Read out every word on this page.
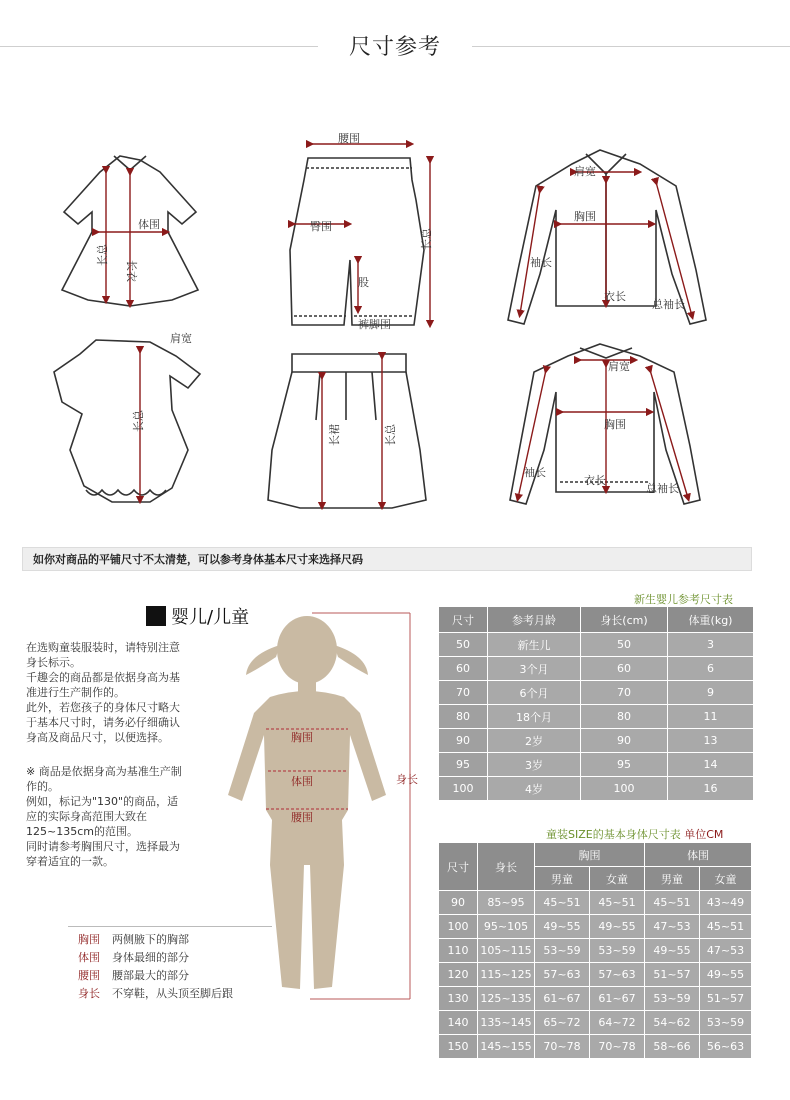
尺寸参考
体围
长总
长衣
腰围
臀围
长总
股
裤脚围
肩宽
胸围
袖长
衣长
总袖长
肩宽
长总
长裙	长总
肩宽
胸围
袖长
衣长
总袖长
如你对商品的平铺尺寸不太清楚，可以参考身体基本尺寸来选择尺码
婴儿/儿童
在选购童装服装时，请特别注意
身长标示。
千趣会的商品都是依据身高为基
准进行生产制作的。
此外，若您孩子的身体尺寸略大
于基本尺寸时，请务必仔细确认
身高及商品尺寸，以便选择。
※ 商品是依据身高为基准生产制
作的。
例如，标记为"130"的商品，适
应的实际身高范围大致在
125~135cm的范围。
同时请参考胸围尺寸，选择最为
穿着适宜的一款。
胸围
体围
腰围
身长
胸围 两侧腋下的胸部
体围 身体最细的部分
腰围 腰部最大的部分
身长 不穿鞋，从头顶至脚后跟
新生婴儿参考尺寸表
尺寸	参考月龄	身长(cm)	体重(kg)
50	新生儿	50	3
60	3个月	60	6
70	6个月	70	9
80	18个月	80	11
90	2岁	90	13
95	3岁	95	14
100	4岁	100	16
童装SIZE的基本身体尺寸表 单位CM
尺寸	身长	胸围		体围	
		男童	女童	男童	女童
90	85~95	45~51	45~51	45~51	43~49
100	95~105	49~55	49~55	47~53	45~51
110	105~115	53~59	53~59	49~55	47~53
120	115~125	57~63	57~63	51~57	49~55
130	125~135	61~67	61~67	53~59	51~57
140	135~145	65~72	64~72	54~62	53~59
150	145~155	70~78	70~78	58~66	56~63
